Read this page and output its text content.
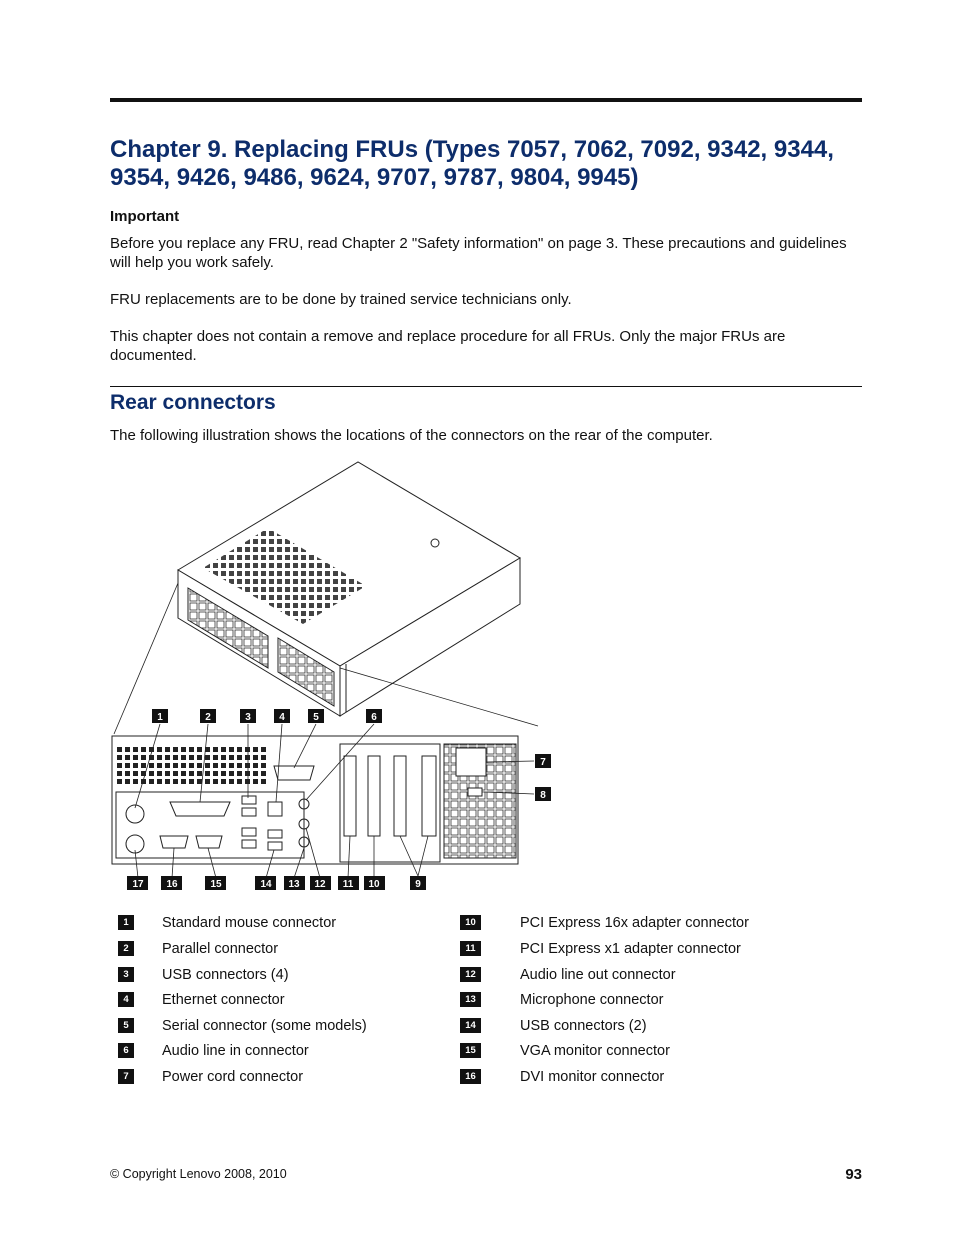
Chapter 9. Replacing FRUs (Types 7057, 7062, 7092, 9342, 9344, 9354, 9426, 9486, 9624, 9707, 9787, 9804, 9945)
Important

Before you replace any FRU, read Chapter 2 "Safety information" on page 3. These precautions and guidelines will help you work safely.

FRU replacements are to be done by trained service technicians only.

This chapter does not contain a remove and replace procedure for all FRUs. Only the major FRUs are documented.

Rear connectors

The following illustration shows the locations of the connectors on the rear of the computer.

1	2	3	4	5	6
7
8
9
10
11
12
13
14
15
16
17
1	Standard mouse connector
2	Parallel connector
3	USB connectors (4)
4	Ethernet connector
5	Serial connector (some models)
6	Audio line in connector
7	Power cord connector
10	PCI Express 16x adapter connector
11	PCI Express x1 adapter connector
12	Audio line out connector
13	Microphone connector
14	USB connectors (2)
15	VGA monitor connector
16	DVI monitor connector
© Copyright Lenovo 2008, 2010	93
